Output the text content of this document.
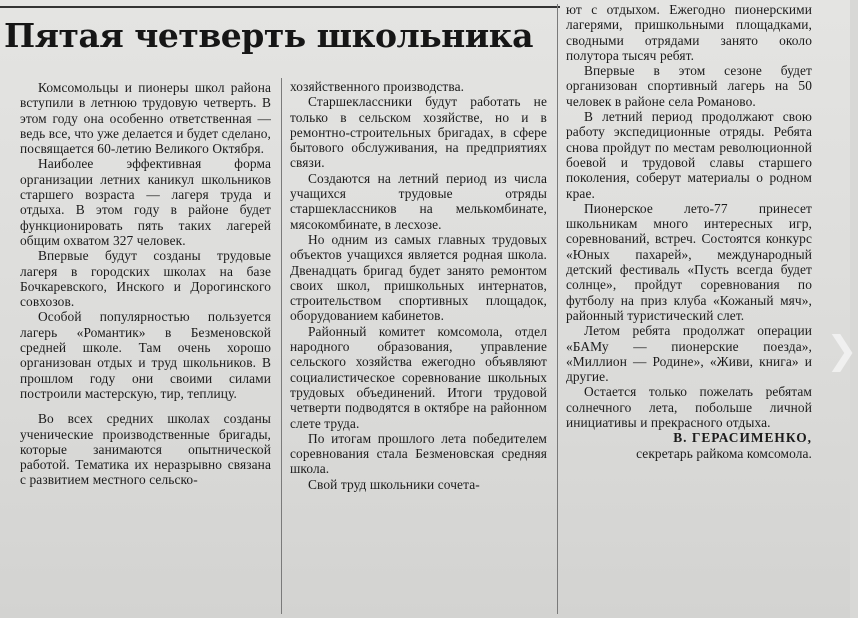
Пятая четверть школьника

Комсомольцы и пионеры школ района вступили в летнюю трудовую четверть. В этом году она особенно ответственная — ведь все, что уже делается и будет сделано, посвящается 60-летию Великого Октября.

Наиболее эффективная форма организации летних каникул школьников старшего возраста — лагеря труда и отдыха. В этом году в районе будет функционировать пять таких лагерей общим охватом 327 человек.

Впервые будут созданы трудовые лагеря в городских школах на базе Бочкаревского, Инского и Дорогинского совхозов.

Особой популярностью пользуется лагерь «Романтик» в Безменовской средней школе. Там очень хорошо организован отдых и труд школьников. В прошлом году они своими силами построили мастерскую, тир, теплицу.

Во всех средних школах созданы ученические производственные бригады, которые занимаются опытнической работой. Тематика их неразрывно связана с развитием местного сельско-

хозяйственного производства.

Старшеклассники будут работать не только в сельском хозяйстве, но и в ремонтно-строительных бригадах, в сфере бытового обслуживания, на предприятиях связи.

Создаются на летний период из числа учащихся трудовые отряды старшеклассников на мелькомбинате, мясокомбинате, в лесхозе.

Но одним из самых главных трудовых объектов учащихся является родная школа. Двенадцать бригад будет занято ремонтом своих школ, пришкольных интернатов, строительством спортивных площадок, оборудованием кабинетов.

Районный комитет комсомола, отдел народного образования, управление сельского хозяйства ежегодно объявляют социалистическое соревнование школьных трудовых объединений. Итоги трудовой четверти подводятся в октябре на районном слете труда.

По итогам прошлого лета победителем соревнования стала Безменовская средняя школа.

Свой труд школьники сочета-

ют с отдыхом. Ежегодно пионерскими лагерями, пришкольными площадками, сводными отрядами занято около полутора тысяч ребят.

Впервые в этом сезоне будет организован спортивный лагерь на 50 человек в районе села Романово.

В летний период продолжают свою работу экспедиционные отряды. Ребята снова пройдут по местам революционной боевой и трудовой славы старшего поколения, соберут материалы о родном крае.

Пионерское лето-77 принесет школьникам много интересных игр, соревнований, встреч. Состоятся конкурс «Юных пахарей», международный детский фестиваль «Пусть всегда будет солнце», пройдут соревнования по футболу на приз клуба «Кожаный мяч», районный туристический слет.

Летом ребята продолжат операции «БАМу — пионерские поезда», «Миллион — Родине», «Живи, книга» и другие.

Остается только пожелать ребятам солнечного лета, побольше личной инициативы и прекрасного отдыха.

В. ГЕРАСИМЕНКО,
секретарь райкома комсомола.

❯
